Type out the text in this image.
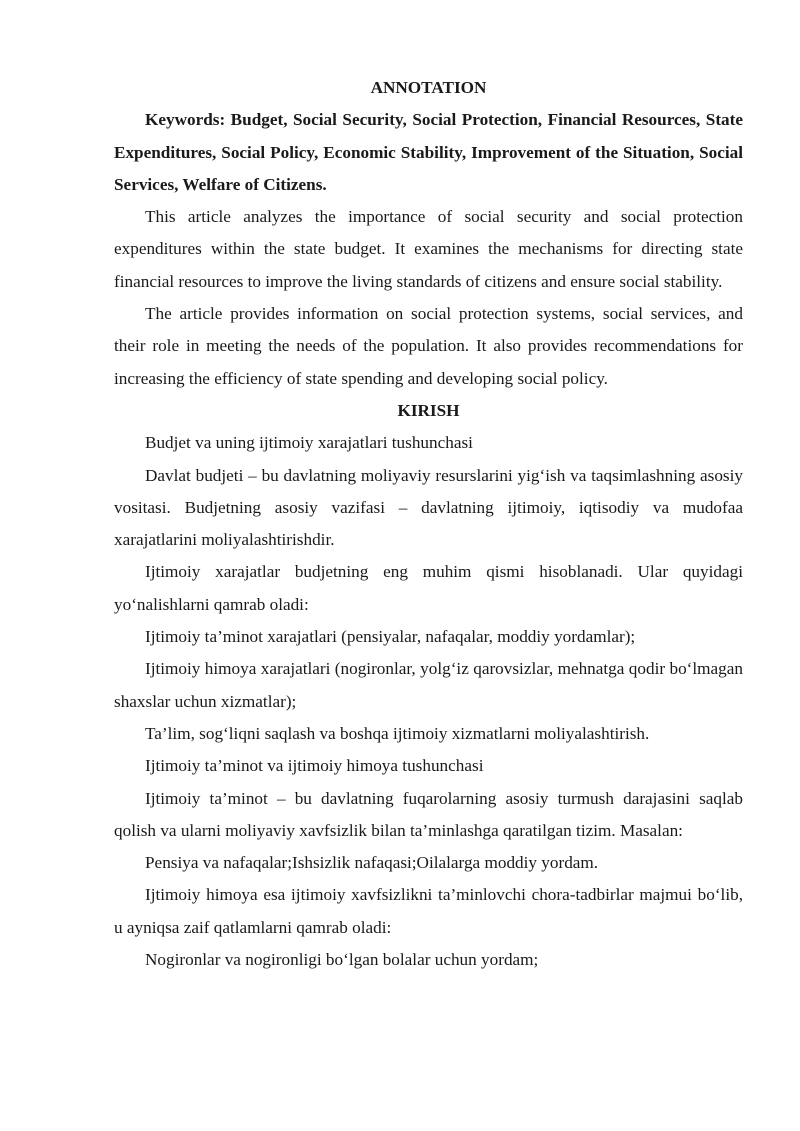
ANNOTATION

Keywords: Budget, Social Security, Social Protection, Financial Resources, State Expenditures, Social Policy, Economic Stability, Improvement of the Situation, Social Services, Welfare of Citizens.

This article analyzes the importance of social security and social protection expenditures within the state budget. It examines the mechanisms for directing state financial resources to improve the living standards of citizens and ensure social stability.

The article provides information on social protection systems, social services, and their role in meeting the needs of the population. It also provides recommendations for increasing the efficiency of state spending and developing social policy.

KIRISH

Budjet va uning ijtimoiy xarajatlari tushunchasi

Davlat budjeti – bu davlatning moliyaviy resurslarini yig‘ish va taqsimlashning asosiy vositasi. Budjetning asosiy vazifasi – davlatning ijtimoiy, iqtisodiy va mudofaa xarajatlarini moliyalashtirishdir.

Ijtimoiy xarajatlar budjetning eng muhim qismi hisoblanadi. Ular quyidagi yo‘nalishlarni qamrab oladi:

Ijtimoiy ta’minot xarajatlari (pensiyalar, nafaqalar, moddiy yordamlar);

Ijtimoiy himoya xarajatlari (nogironlar, yolg‘iz qarovsizlar, mehnatga qodir bo‘lmagan shaxslar uchun xizmatlar);

Ta’lim, sog‘liqni saqlash va boshqa ijtimoiy xizmatlarni moliyalashtirish.

Ijtimoiy ta’minot va ijtimoiy himoya tushunchasi

Ijtimoiy ta’minot – bu davlatning fuqarolarning asosiy turmush darajasini saqlab qolish va ularni moliyaviy xavfsizlik bilan ta’minlashga qaratilgan tizim. Masalan:

Pensiya va nafaqalar;Ishsizlik nafaqasi;Oilalarga moddiy yordam.

Ijtimoiy himoya esa ijtimoiy xavfsizlikni ta’minlovchi chora-tadbirlar majmui bo‘lib, u ayniqsa zaif qatlamlarni qamrab oladi:

Nogironlar va nogironligi bo‘lgan bolalar uchun yordam;
